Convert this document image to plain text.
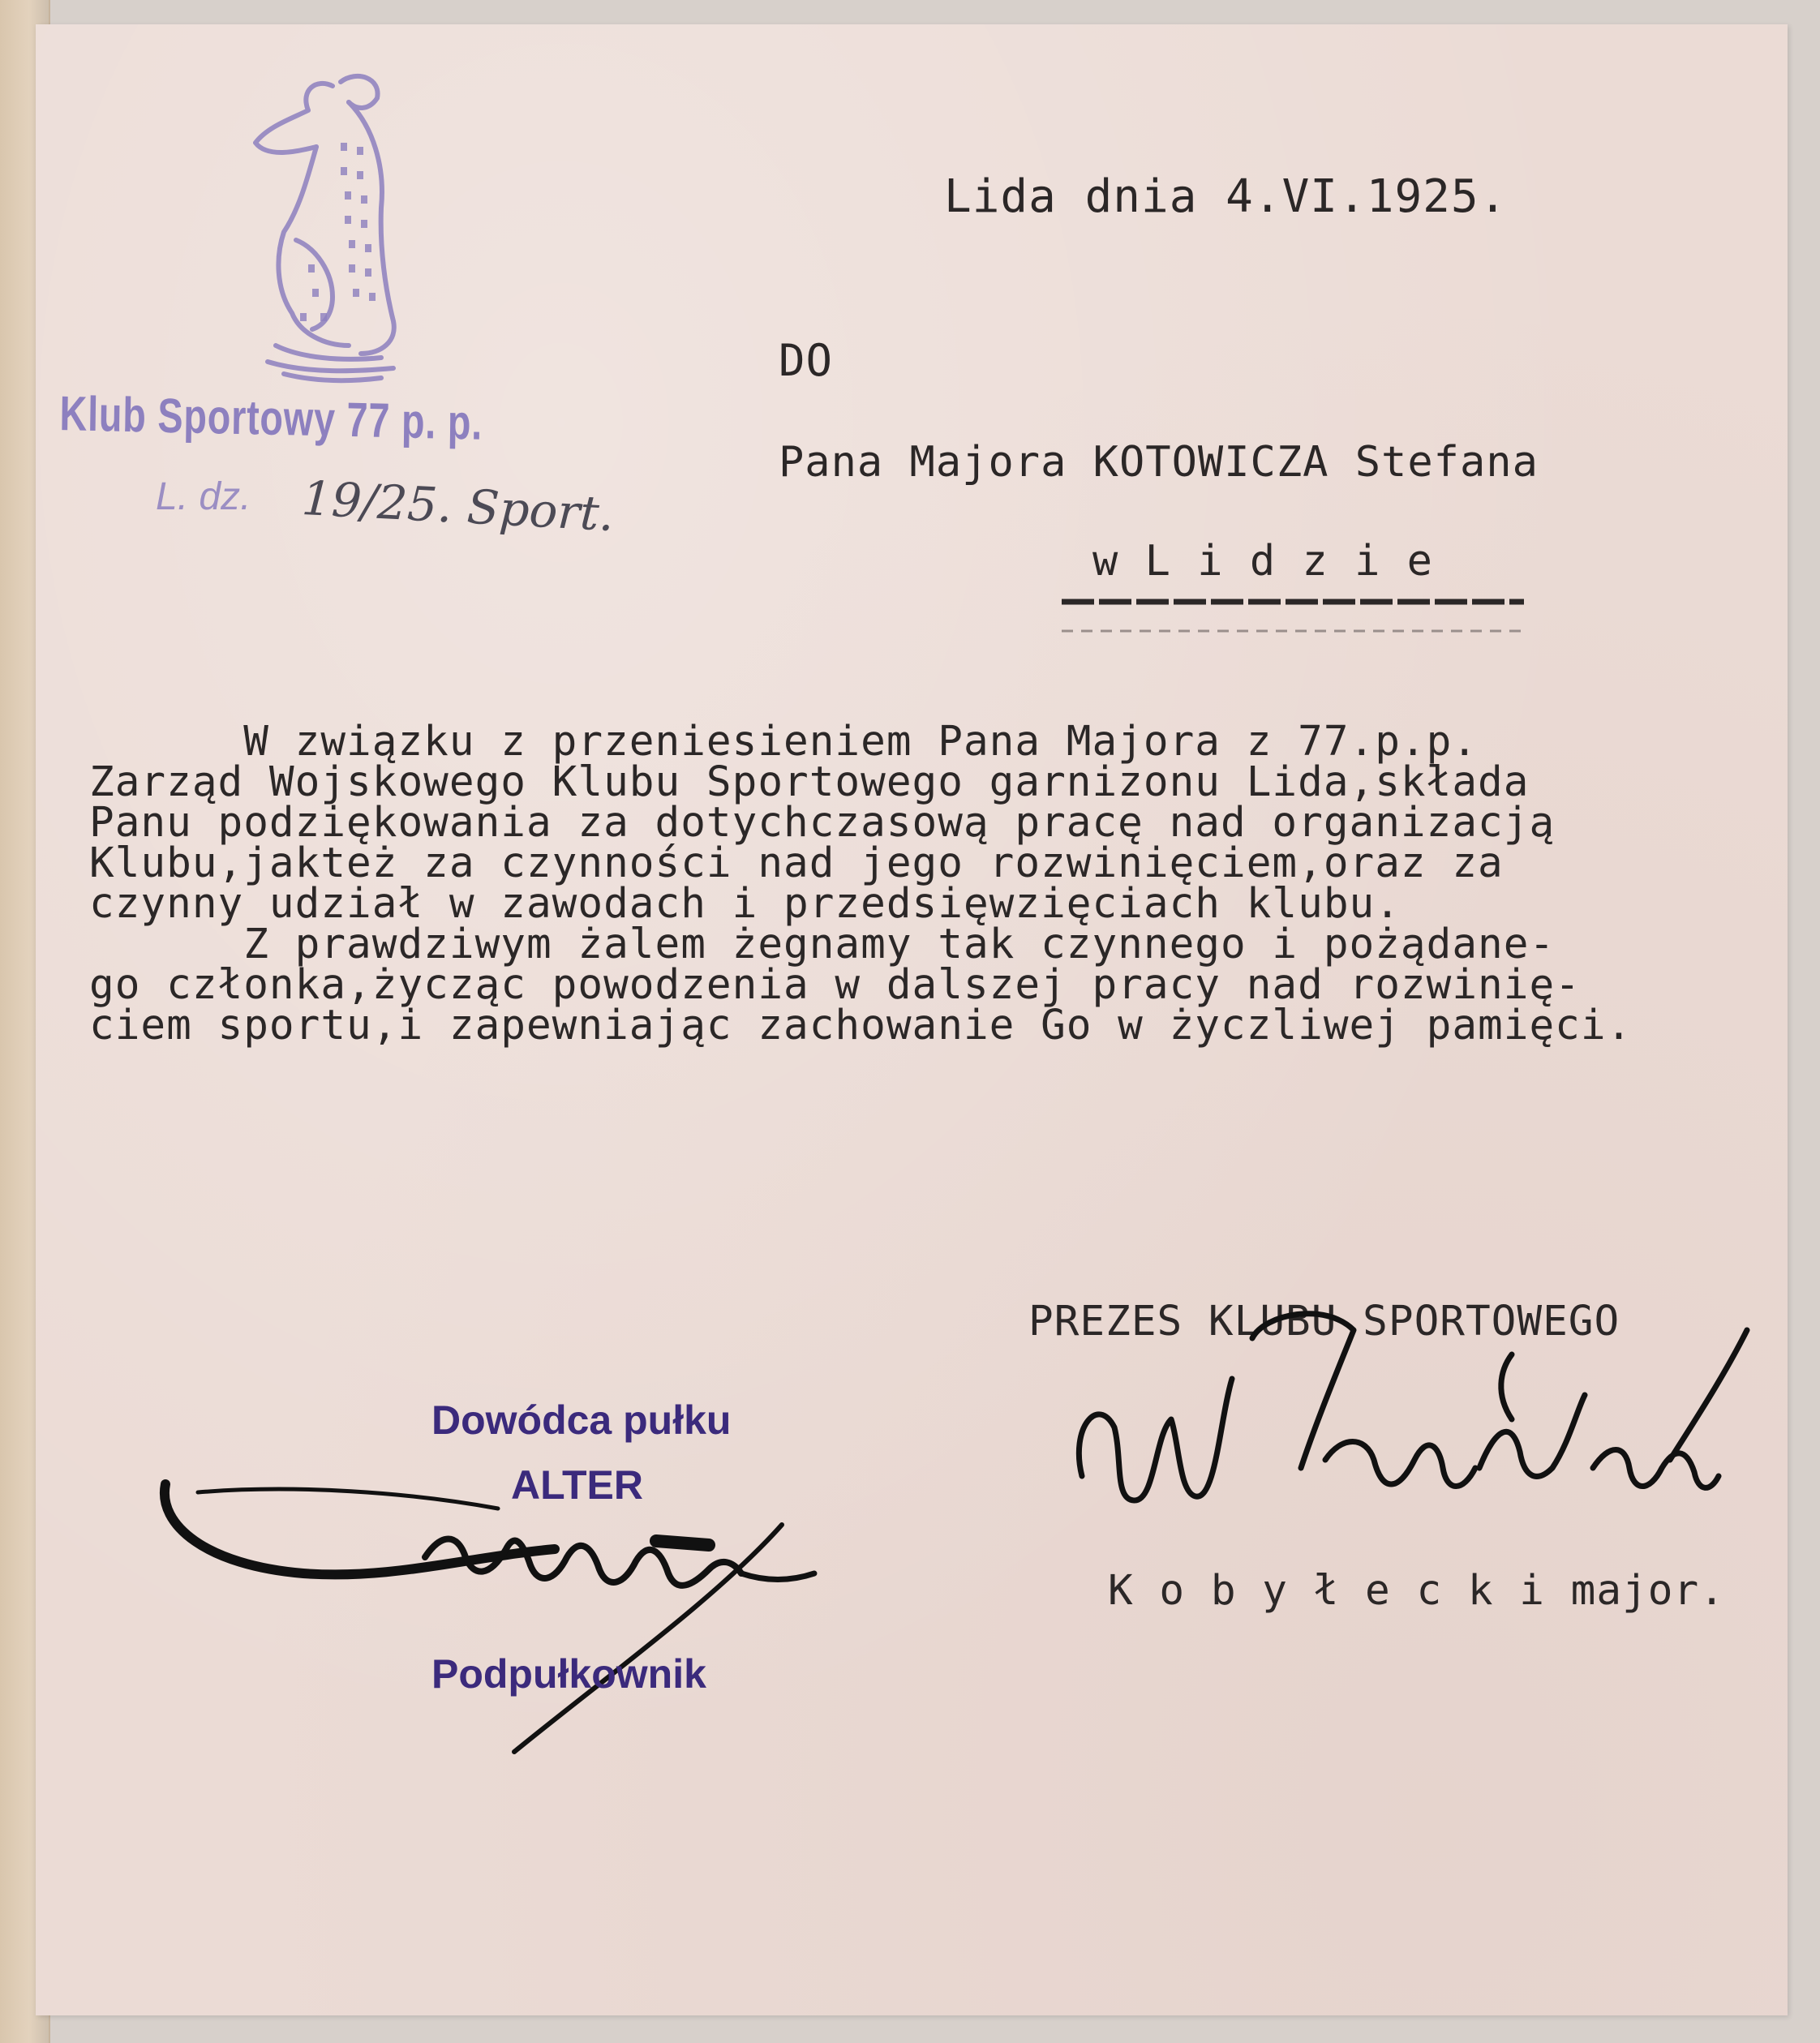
Klub Sportowy 77 p. p.
L. dz. 19/25. Sport.
Lida dnia 4.VI.1925.
DO
Pana Majora KOTOWICZA Stefana
w L i d z i e
W związku z przeniesieniem Pana Majora z 77.p.p.
Zarząd Wojskowego Klubu Sportowego garnizonu Lida,składa
Panu podziękowania za dotychczasową pracę nad organizacją
Klubu,jakteż za czynności nad jego rozwinięciem,oraz za
czynny udział w zawodach i przedsięwzięciach klubu.
Z prawdziwym żalem żegnamy tak czynnego i pożądane-
go członka,życząc powodzenia w dalszej pracy nad rozwinię-
ciem sportu,i zapewniając zachowanie Go w życzliwej pamięci.
PREZES KLUBU SPORTOWEGO
K o b y ł e c k i major.
Dowódca pułku
ALTER
Podpułkownik
